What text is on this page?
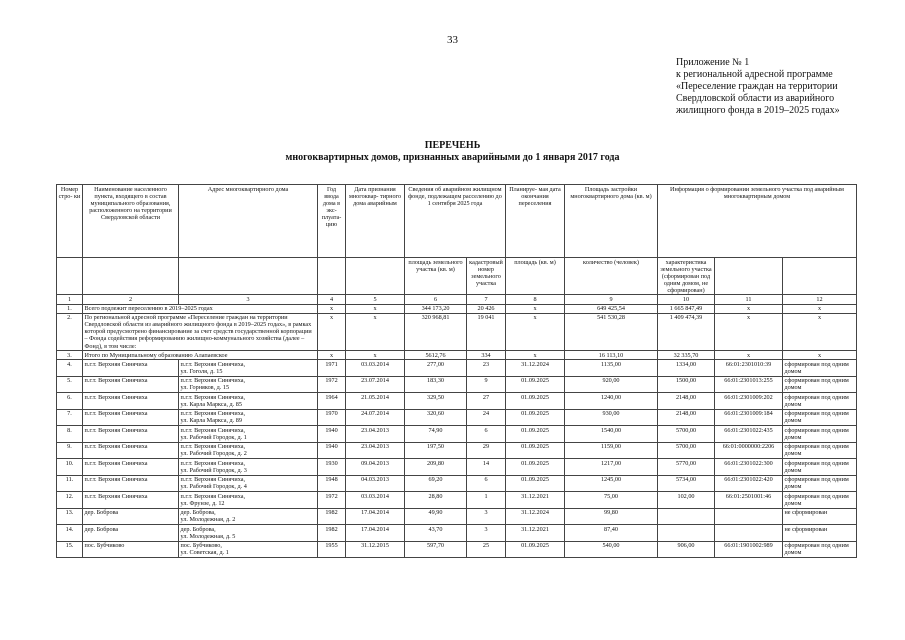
33
Приложение № 1
к региональной адресной программе
«Переселение граждан на территории
Свердловской области из аварийного
жилищного фонда в 2019–2025 годах»
ПЕРЕЧЕНЬ
многоквартирных домов, признанных аварийными до 1 января 2017 года
Номер стро- ки	Наименование населенного пункта, входящего в состав муниципального образования, расположенного на территории Свердловской области	Адрес многоквартирного дома	Год ввода дома в экс- плуата- цию	Дата признания многоквар- тирного дома аварийным	Сведения об аварийном жилищном фонде, подлежащем расселению до 1 сентября 2025 года		Планируе- мая дата окончания переселения	Площадь застройки многоквартирного дома (кв. м)	Информация о формировании земельного участка под аварийным многоквартирным домом		
					площадь земельного участка (кв. м)	кадастровый номер земельного участка			характеристика земельного участка (сформирован под одним домом, не сформирован)		
							площадь (кв. м)	количество (человек)			
1	2	3	4	5	6	7	8	9	10	11	12
1.	Всего подлежит переселению в 2019–2025 годах		x	x	344 173,20	20 426	x	649 425,54	1 665 847,49	x	x
2.	По региональной адресной программе «Переселение граждан на территории Свердловской области из аварийного жилищного фонда в 2019–2025 годах», в рамках которой предусмотрено финансирование за счет средств государственной корпорации – Фонда содействия реформированию жилищно-коммунального хозяйства (далее – Фонд), в том числе:		x	x	320 968,81	19 041	x	541 530,28	1 409 474,39	x	x
3.	Итого по Муниципальному образованию Алапаевское		x	x	5612,76	334	x	16 113,10	32 335,70	x	x
4.	п.г.т. Верхняя Синячиха	п.г.т. Верхняя Синячиха,
ул. Гоголя, д. 15	1971	03.03.2014	277,00	23	31.12.2024	1135,00	1334,00	66:01:2301010:39	сформирован под одним домом
5.	п.г.т. Верхняя Синячиха	п.г.т. Верхняя Синячиха,
ул. Горняков, д. 15	1972	23.07.2014	183,30	9	01.09.2025	920,00	1500,00	66:01:2301013:255	сформирован под одним домом
6.	п.г.т. Верхняя Синячиха	п.г.т. Верхняя Синячиха,
ул. Карла Маркса, д. 85	1964	21.05.2014	329,50	27	01.09.2025	1240,00	2148,00	66:01:2301009:202	сформирован под одним домом
7.	п.г.т. Верхняя Синячиха	п.г.т. Верхняя Синячиха,
ул. Карла Маркса, д. 89	1970	24.07.2014	320,60	24	01.09.2025	930,00	2148,00	66:01:2301009:184	сформирован под одним домом
8.	п.г.т. Верхняя Синячиха	п.г.т. Верхняя Синячиха,
ул. Рабочий Городок, д. 1	1940	23.04.2013	74,90	6	01.09.2025	1540,00	5700,00	66:01:2301022:435	сформирован под одним домом
9.	п.г.т. Верхняя Синячиха	п.г.т. Верхняя Синячиха,
ул. Рабочий Городок, д. 2	1940	23.04.2013	197,50	29	01.09.2025	1159,00	5700,00	66:01:0000000:2206	сформирован под одним домом
10.	п.г.т. Верхняя Синячиха	п.г.т. Верхняя Синячиха,
ул. Рабочий Городок, д. 3	1930	09.04.2013	209,80	14	01.09.2025	1217,00	5770,00	66:01:2301022:300	сформирован под одним домом
11.	п.г.т. Верхняя Синячиха	п.г.т. Верхняя Синячиха,
ул. Рабочий Городок, д. 4	1948	04.03.2013	69,20	6	01.09.2025	1245,00	5734,00	66:01:2301022:420	сформирован под одним домом
12.	п.г.т. Верхняя Синячиха	п.г.т. Верхняя Синячиха,
ул. Фрунзе, д. 12	1972	03.03.2014	28,80	1	31.12.2021	75,00	102,00	66:01:2501001:46	сформирован под одним домом
13.	дер. Боброва	дер. Боброва,
ул. Молодежная, д. 2	1982	17.04.2014	49,90	3	31.12.2024	99,80			не сформирован
14.	дер. Боброва	дер. Боброва,
ул. Молодежная, д. 5	1982	17.04.2014	43,70	3	31.12.2021	87,40			не сформирован
15.	пос. Бубчиково	пос. Бубчиково,
ул. Советская, д. 1	1955	31.12.2015	597,70	25	01.09.2025	540,00	906,00	66:01:1901002:989	сформирован под одним домом
